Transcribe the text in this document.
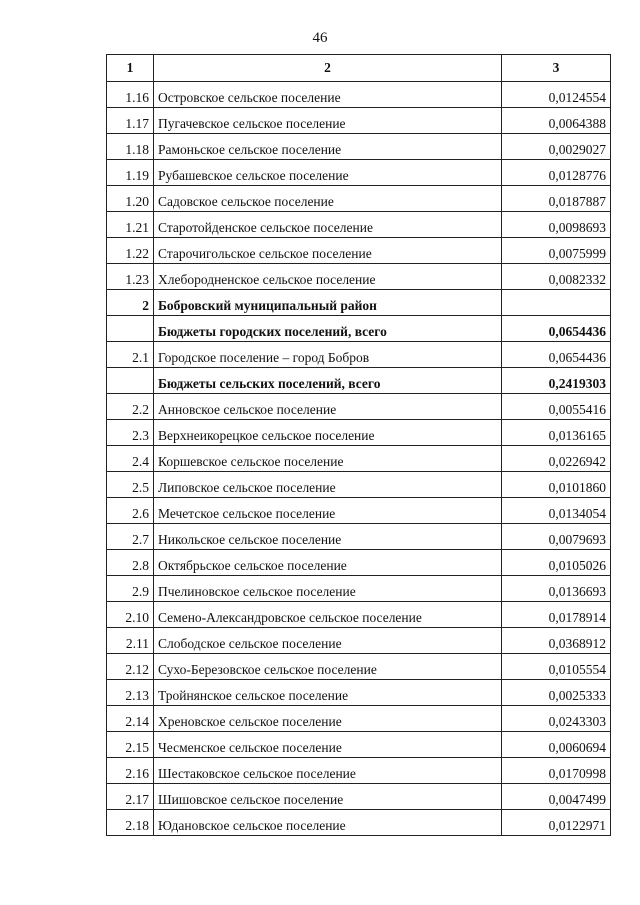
46
1	2	3
1.16	Островское сельское поселение	0,0124554
1.17	Пугачевское сельское поселение	0,0064388
1.18	Рамоньское сельское поселение	0,0029027
1.19	Рубашевское сельское поселение	0,0128776
1.20	Садовское сельское поселение	0,0187887
1.21	Старотойденское сельское поселение	0,0098693
1.22	Старочигольское сельское поселение	0,0075999
1.23	Хлебородненское сельское поселение	0,0082332
2	Бобровский муниципальный район	
	Бюджеты городских поселений, всего	0,0654436
2.1	Городское поселение – город Бобров	0,0654436
	Бюджеты сельских поселений, всего	0,2419303
2.2	Анновское сельское поселение	0,0055416
2.3	Верхнеикорецкое сельское поселение	0,0136165
2.4	Коршевское сельское поселение	0,0226942
2.5	Липовское сельское поселение	0,0101860
2.6	Мечетское сельское поселение	0,0134054
2.7	Никольское сельское поселение	0,0079693
2.8	Октябрьское сельское поселение	0,0105026
2.9	Пчелиновское сельское поселение	0,0136693
2.10	Семено-Александровское сельское поселение	0,0178914
2.11	Слободское сельское поселение	0,0368912
2.12	Сухо-Березовское сельское поселение	0,0105554
2.13	Тройнянское сельское поселение	0,0025333
2.14	Хреновское сельское поселение	0,0243303
2.15	Чесменское сельское поселение	0,0060694
2.16	Шестаковское сельское поселение	0,0170998
2.17	Шишовское сельское поселение	0,0047499
2.18	Юдановское сельское поселение	0,0122971
